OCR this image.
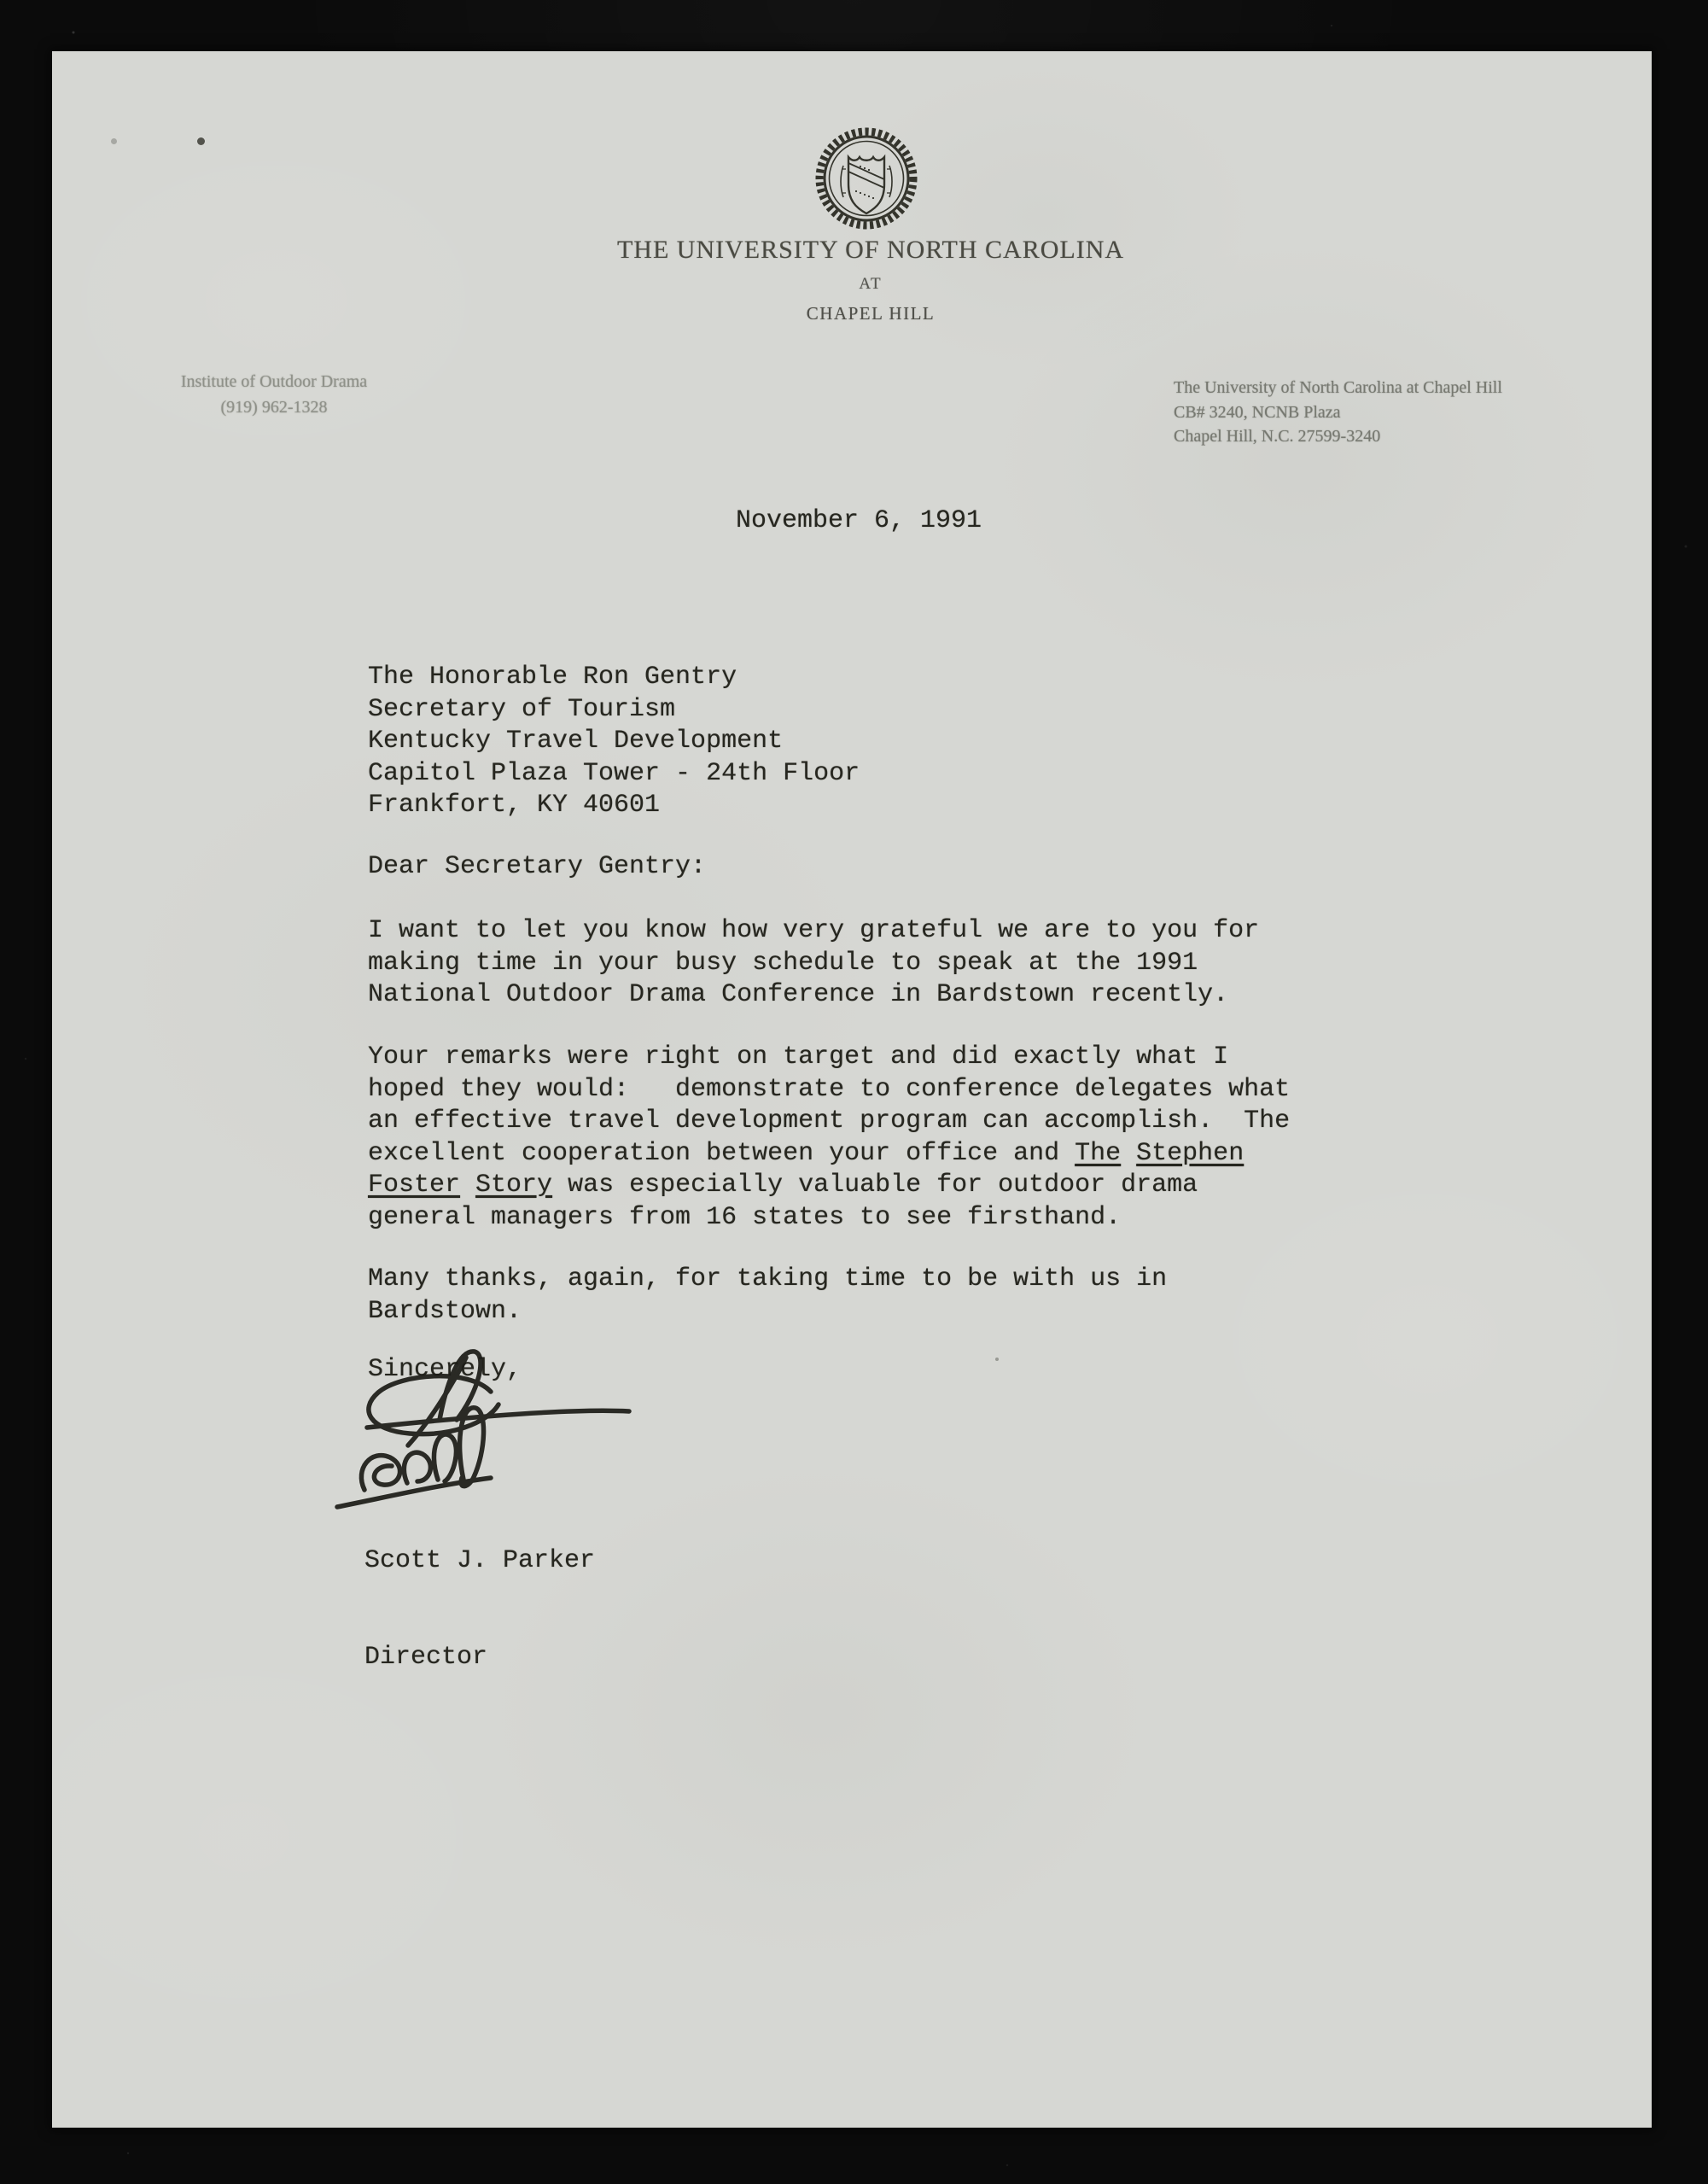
THE UNIVERSITY OF NORTH CAROLINA
AT
CHAPEL HILL
Institute of Outdoor Drama
(919) 962-1328
The University of North Carolina at Chapel Hill
CB# 3240, NCNB Plaza
Chapel Hill, N.C. 27599-3240
November 6, 1991
The Honorable Ron Gentry
Secretary of Tourism
Kentucky Travel Development
Capitol Plaza Tower - 24th Floor
Frankfort, KY 40601
Dear Secretary Gentry:
I want to let you know how very grateful we are to you for
making time in your busy schedule to speak at the 1991
National Outdoor Drama Conference in Bardstown recently.
Your remarks were right on target and did exactly what I
hoped they would:   demonstrate to conference delegates what
an effective travel development program can accomplish.  The
excellent cooperation between your office and The Stephen
Foster Story was especially valuable for outdoor drama
general managers from 16 states to see firsthand.
Many thanks, again, for taking time to be with us in
Bardstown.
Sincerely,

Scott J. Parker

Director
